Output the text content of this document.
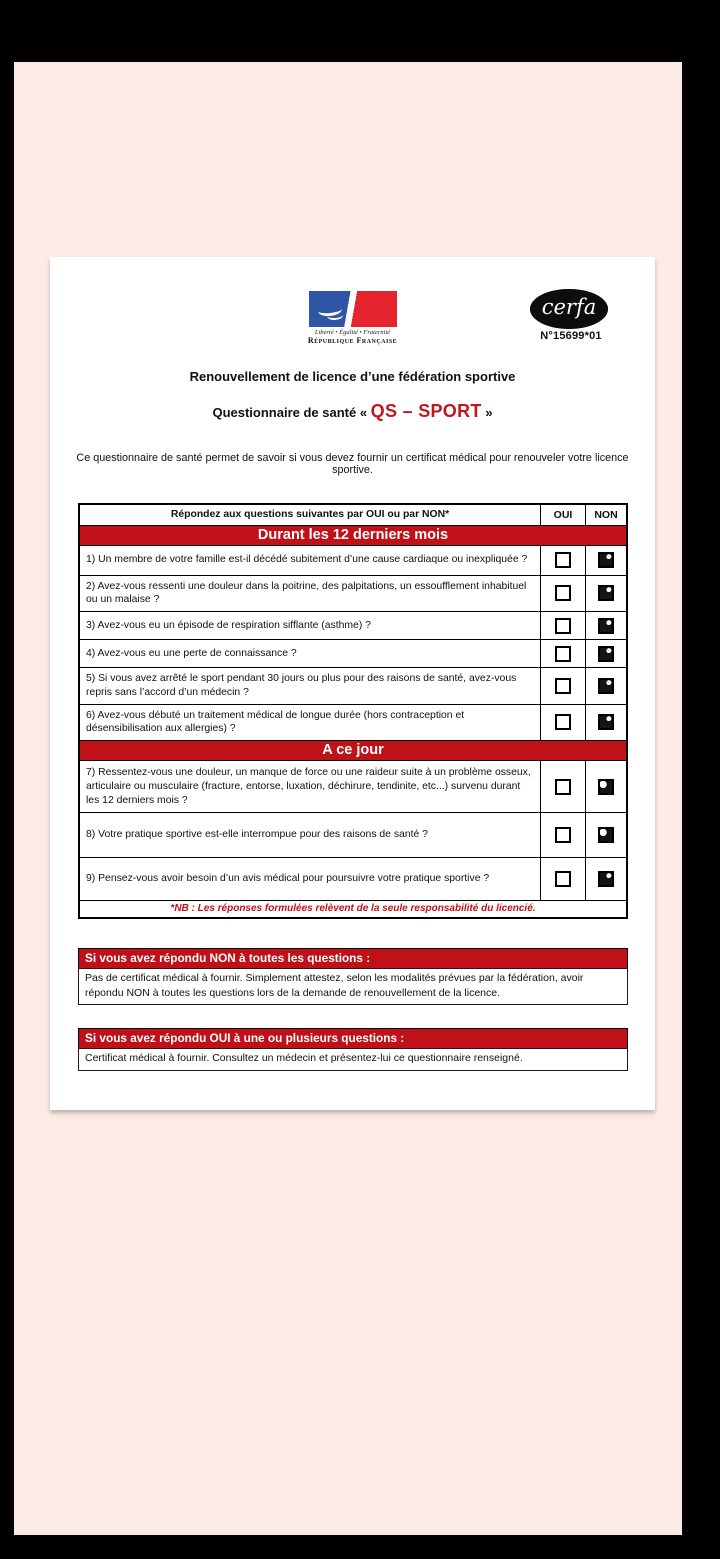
Liberté • Égalité • Fraternité
République Française
cerfa
N°15699*01
Renouvellement de licence d’une fédération sportive
Questionnaire de santé « QS – SPORT »
Ce questionnaire de santé permet de savoir si vous devez fournir un certificat médical pour renouveler votre licence sportive.
Répondez aux questions suivantes par OUI ou par NON*	OUI	NON
Durant les 12 derniers mois
1) Un membre de votre famille est-il décédé subitement d’une cause cardiaque ou inexpliquée ?
2) Avez-vous ressenti une douleur dans la poitrine, des palpitations, un essoufflement inhabituel ou un malaise ?
3) Avez-vous eu un épisode de respiration sifflante (asthme) ?
4) Avez-vous eu une perte de connaissance ?
5) Si vous avez arrêté le sport pendant 30 jours ou plus pour des raisons de santé, avez-vous repris sans l’accord d’un médecin ?
6) Avez-vous débuté un traitement médical de longue durée (hors contraception et désensibilisation aux allergies) ?
A ce jour
7) Ressentez-vous une douleur, un manque de force ou une raideur suite à un problème osseux, articulaire ou musculaire (fracture, entorse, luxation, déchirure, tendinite, etc...) survenu durant les 12 derniers mois ?
8) Votre pratique sportive est-elle interrompue pour des raisons de santé ?
9) Pensez-vous avoir besoin d’un avis médical pour poursuivre votre pratique sportive ?
*NB : Les réponses formulées relèvent de la seule responsabilité du licencié.
Si vous avez répondu NON à toutes les questions :
Pas de certificat médical à fournir. Simplement attestez, selon les modalités prévues par la fédération, avoir répondu NON à toutes les questions lors de la demande de renouvellement de la licence.
Si vous avez répondu OUI à une ou plusieurs questions :
Certificat médical à fournir. Consultez un médecin et présentez-lui ce questionnaire renseigné.
